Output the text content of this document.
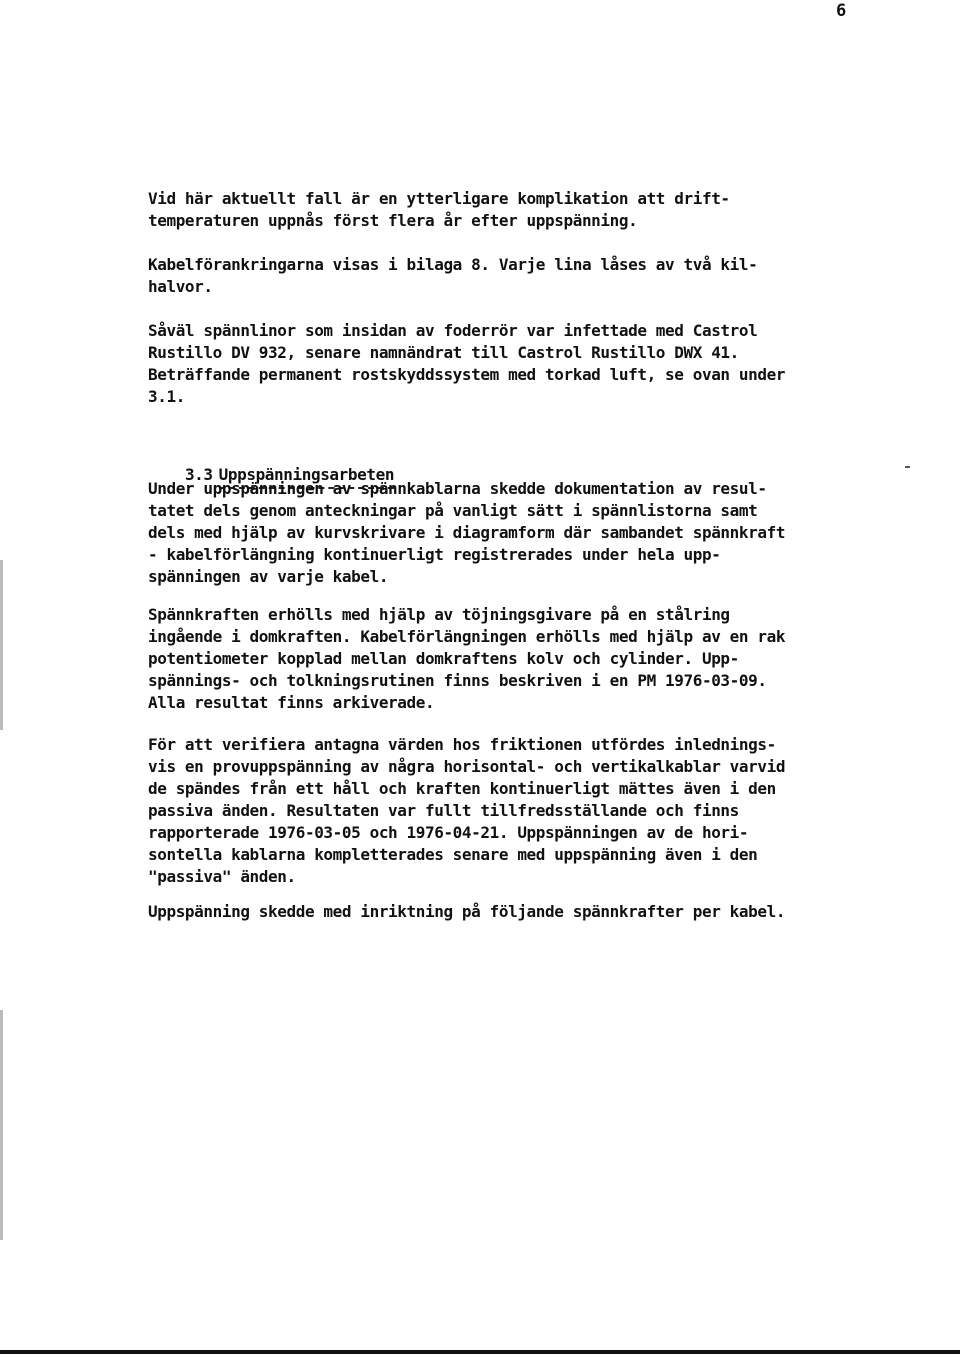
6

Vid här aktuellt fall är en ytterligare komplikation att drift-
temperaturen uppnås först flera år efter uppspänning.

Kabelförankringarna visas i bilaga 8. Varje lina låses av två kil-
halvor.

Såväl spännlinor som insidan av foderrör var infettade med Castrol
Rustillo DV 932, senare namnändrat till Castrol Rustillo DWX 41.
Beträffande permanent rostskyddssystem med torkad luft, se ovan under
3.1.

3.3 Uppspänningsarbeten

Under uppspänningen av spännkablarna skedde dokumentation av resul-
tatet dels genom anteckningar på vanligt sätt i spännlistorna samt
dels med hjälp av kurvskrivare i diagramform där sambandet spännkraft
- kabelförlängning kontinuerligt registrerades under hela upp-
spänningen av varje kabel.

Spännkraften erhölls med hjälp av töjningsgivare på en stålring
ingående i domkraften. Kabelförlängningen erhölls med hjälp av en rak
potentiometer kopplad mellan domkraftens kolv och cylinder. Upp-
spännings- och tolkningsrutinen finns beskriven i en PM 1976-03-09.
Alla resultat finns arkiverade.

För att verifiera antagna värden hos friktionen utfördes inlednings-
vis en provuppspänning av några horisontal- och vertikalkablar varvid
de spändes från ett håll och kraften kontinuerligt mättes även i den
passiva änden. Resultaten var fullt tillfredsställande och finns
rapporterade 1976-03-05 och 1976-04-21. Uppspänningen av de hori-
sontella kablarna kompletterades senare med uppspänning även i den
"passiva" änden.

Uppspänning skedde med inriktning på följande spännkrafter per kabel.
